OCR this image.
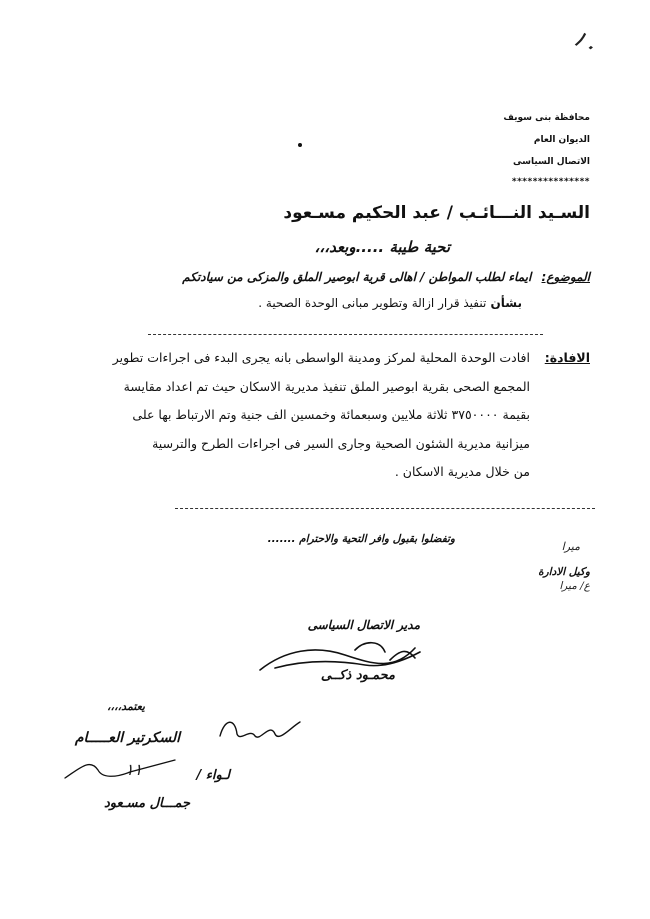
١٠
محافظة بنى سويف
الديوان العام
الاتصال السياسى
***************
السـيد النـــائـب / عبد الحكيم مسـعود
تحية طيبة .....وبعد،،،
الموضوع: ايماء لطلب المواطن / اهالى قرية ابوصير الملق والمزكى من سيادتكم
بشأن تنفيذ قرار ازالة وتطوير مبانى الوحدة الصحية .
الافادة:

افادت الوحدة المحلية لمركز ومدينة الواسطى بانه يجرى البدء فى اجراءات تطوير

المجمع الصحى بقرية ابوصير الملق تنفيذ مديرية الاسكان حيث تم اعداد مقايسة

بقيمة ٣٧٥٠٠٠٠ ثلاثة ملايين وسبعمائة وخمسين الف جنية وتم الارتباط بها على

ميزانية مديرية الشئون الصحية وجارى السير فى اجراءات الطرح والترسية

من خلال مديرية الاسكان .

وتفضلوا بقبول وافر التحية والاحترام .......
ميرا
وكيل الادارة
ع/ ميرا
مدير الاتصال السياسى
محمـود ذكــى
يعتمد،،،،
السكرتير العـــــام
لـواء /
١١
جمـــال مسـعود
